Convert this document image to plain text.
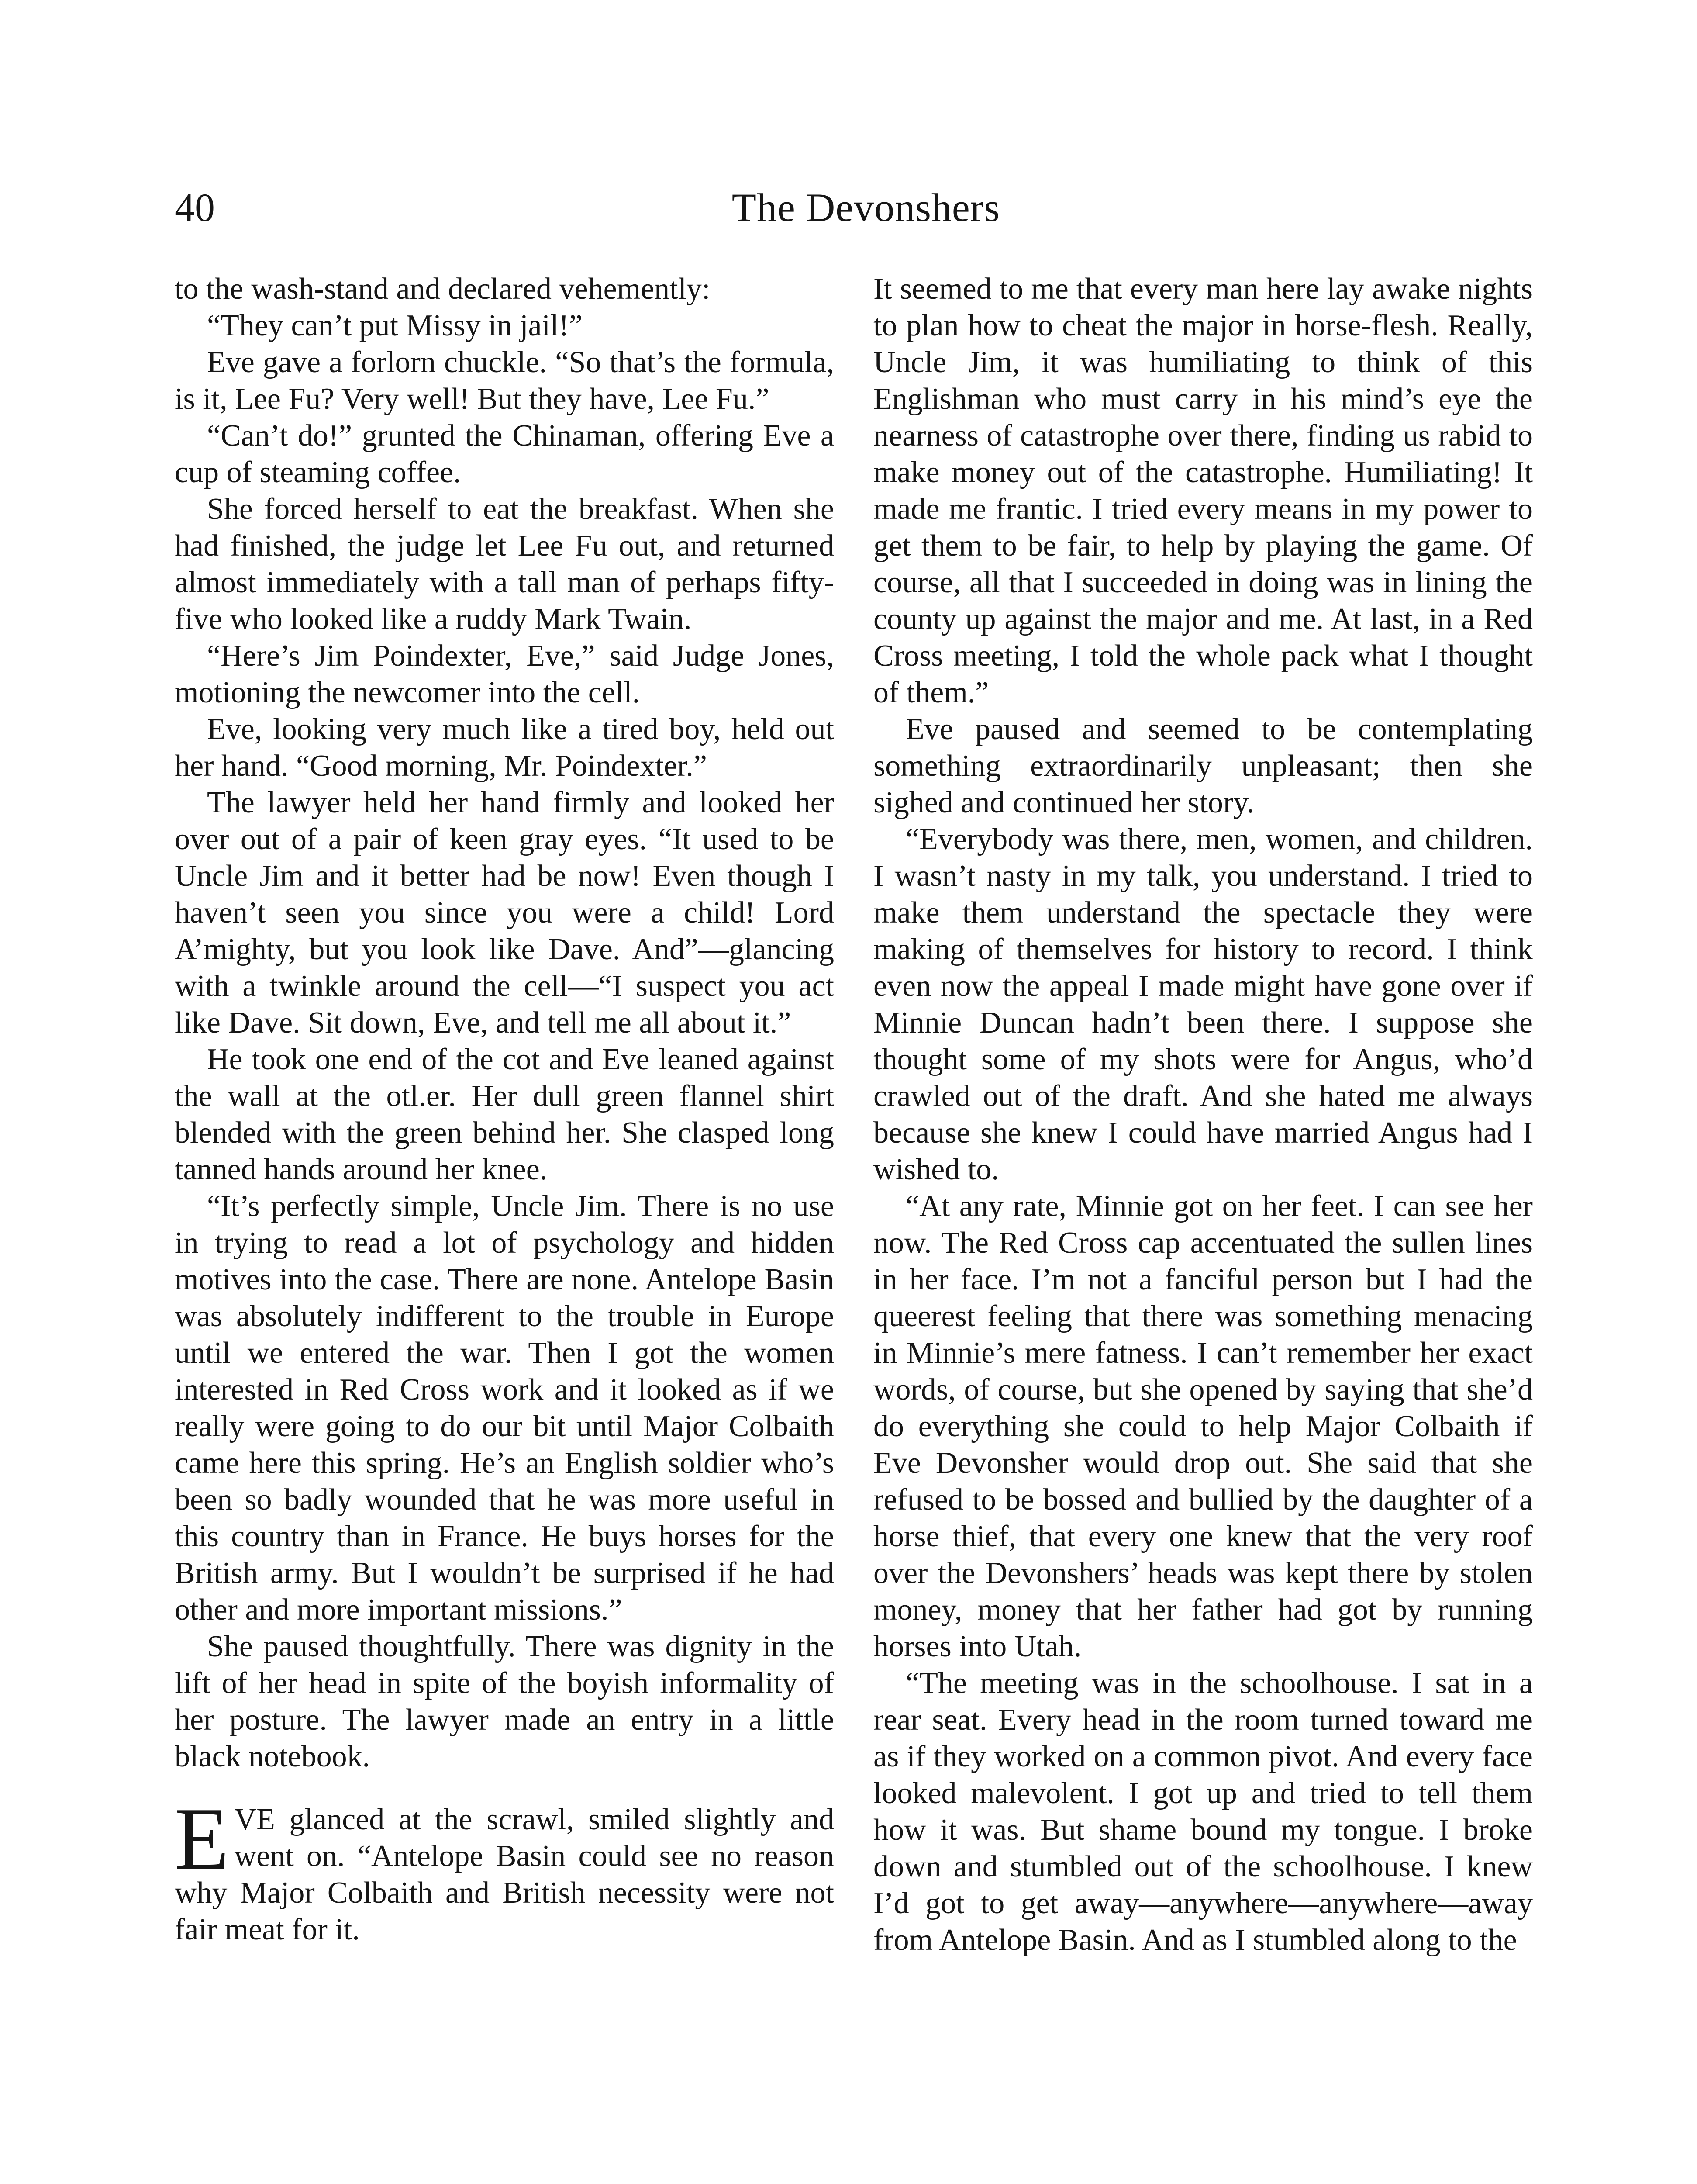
40	The Devonshers

to the wash-stand and declared vehemently:

“They can’t put Missy in jail!”

Eve gave a forlorn chuckle. “So that’s the formula, is it, Lee Fu? Very well! But they have, Lee Fu.”

“Can’t do!” grunted the Chinaman, offering Eve a cup of steaming coffee.

She forced herself to eat the breakfast. When she had finished, the judge let Lee Fu out, and returned almost immediately with a tall man of perhaps fifty-five who looked like a ruddy Mark Twain.

“Here’s Jim Poindexter, Eve,” said Judge Jones, motioning the newcomer into the cell.

Eve, looking very much like a tired boy, held out her hand. “Good morning, Mr. Poindexter.”

The lawyer held her hand firmly and looked her over out of a pair of keen gray eyes. “It used to be Uncle Jim and it better had be now! Even though I haven’t seen you since you were a child! Lord A’mighty, but you look like Dave. And”—glancing with a twinkle around the cell—“I suspect you act like Dave. Sit down, Eve, and tell me all about it.”

He took one end of the cot and Eve leaned against the wall at the otl.er. Her dull green flannel shirt blended with the green behind her. She clasped long tanned hands around her knee.

“It’s perfectly simple, Uncle Jim. There is no use in trying to read a lot of psychology and hidden motives into the case. There are none. Antelope Basin was absolutely indifferent to the trouble in Europe until we entered the war. Then I got the women interested in Red Cross work and it looked as if we really were going to do our bit until Major Colbaith came here this spring. He’s an English soldier who’s been so badly wounded that he was more useful in this country than in France. He buys horses for the British army. But I wouldn’t be surprised if he had other and more important missions.”

She paused thoughtfully. There was dignity in the lift of her head in spite of the boyish informality of her posture. The lawyer made an entry in a little black notebook.

EVE glanced at the scrawl, smiled slightly and went on. “Antelope Basin could see no reason why Major Colbaith and British necessity were not fair meat for it.

It seemed to me that every man here lay awake nights to plan how to cheat the major in horse-flesh. Really, Uncle Jim, it was humiliating to think of this Englishman who must carry in his mind’s eye the nearness of catastrophe over there, finding us rabid to make money out of the catastrophe. Humiliating! It made me frantic. I tried every means in my power to get them to be fair, to help by playing the game. Of course, all that I succeeded in doing was in lining the county up against the major and me. At last, in a Red Cross meeting, I told the whole pack what I thought of them.”

Eve paused and seemed to be contemplating something extraordinarily unpleasant; then she sighed and continued her story.

“Everybody was there, men, women, and children. I wasn’t nasty in my talk, you understand. I tried to make them understand the spectacle they were making of themselves for history to record. I think even now the appeal I made might have gone over if Minnie Duncan hadn’t been there. I suppose she thought some of my shots were for Angus, who’d crawled out of the draft. And she hated me always because she knew I could have married Angus had I wished to.

“At any rate, Minnie got on her feet. I can see her now. The Red Cross cap accentuated the sullen lines in her face. I’m not a fanciful person but I had the queerest feeling that there was something menacing in Minnie’s mere fatness. I can’t remember her exact words, of course, but she opened by saying that she’d do everything she could to help Major Colbaith if Eve Devonsher would drop out. She said that she refused to be bossed and bullied by the daughter of a horse thief, that every one knew that the very roof over the Devonshers’ heads was kept there by stolen money, money that her father had got by running horses into Utah.

“The meeting was in the schoolhouse. I sat in a rear seat. Every head in the room turned toward me as if they worked on a common pivot. And every face looked malevolent. I got up and tried to tell them how it was. But shame bound my tongue. I broke down and stumbled out of the schoolhouse. I knew I’d got to get away—anywhere—anywhere—away from Antelope Basin. And as I stumbled along to the
